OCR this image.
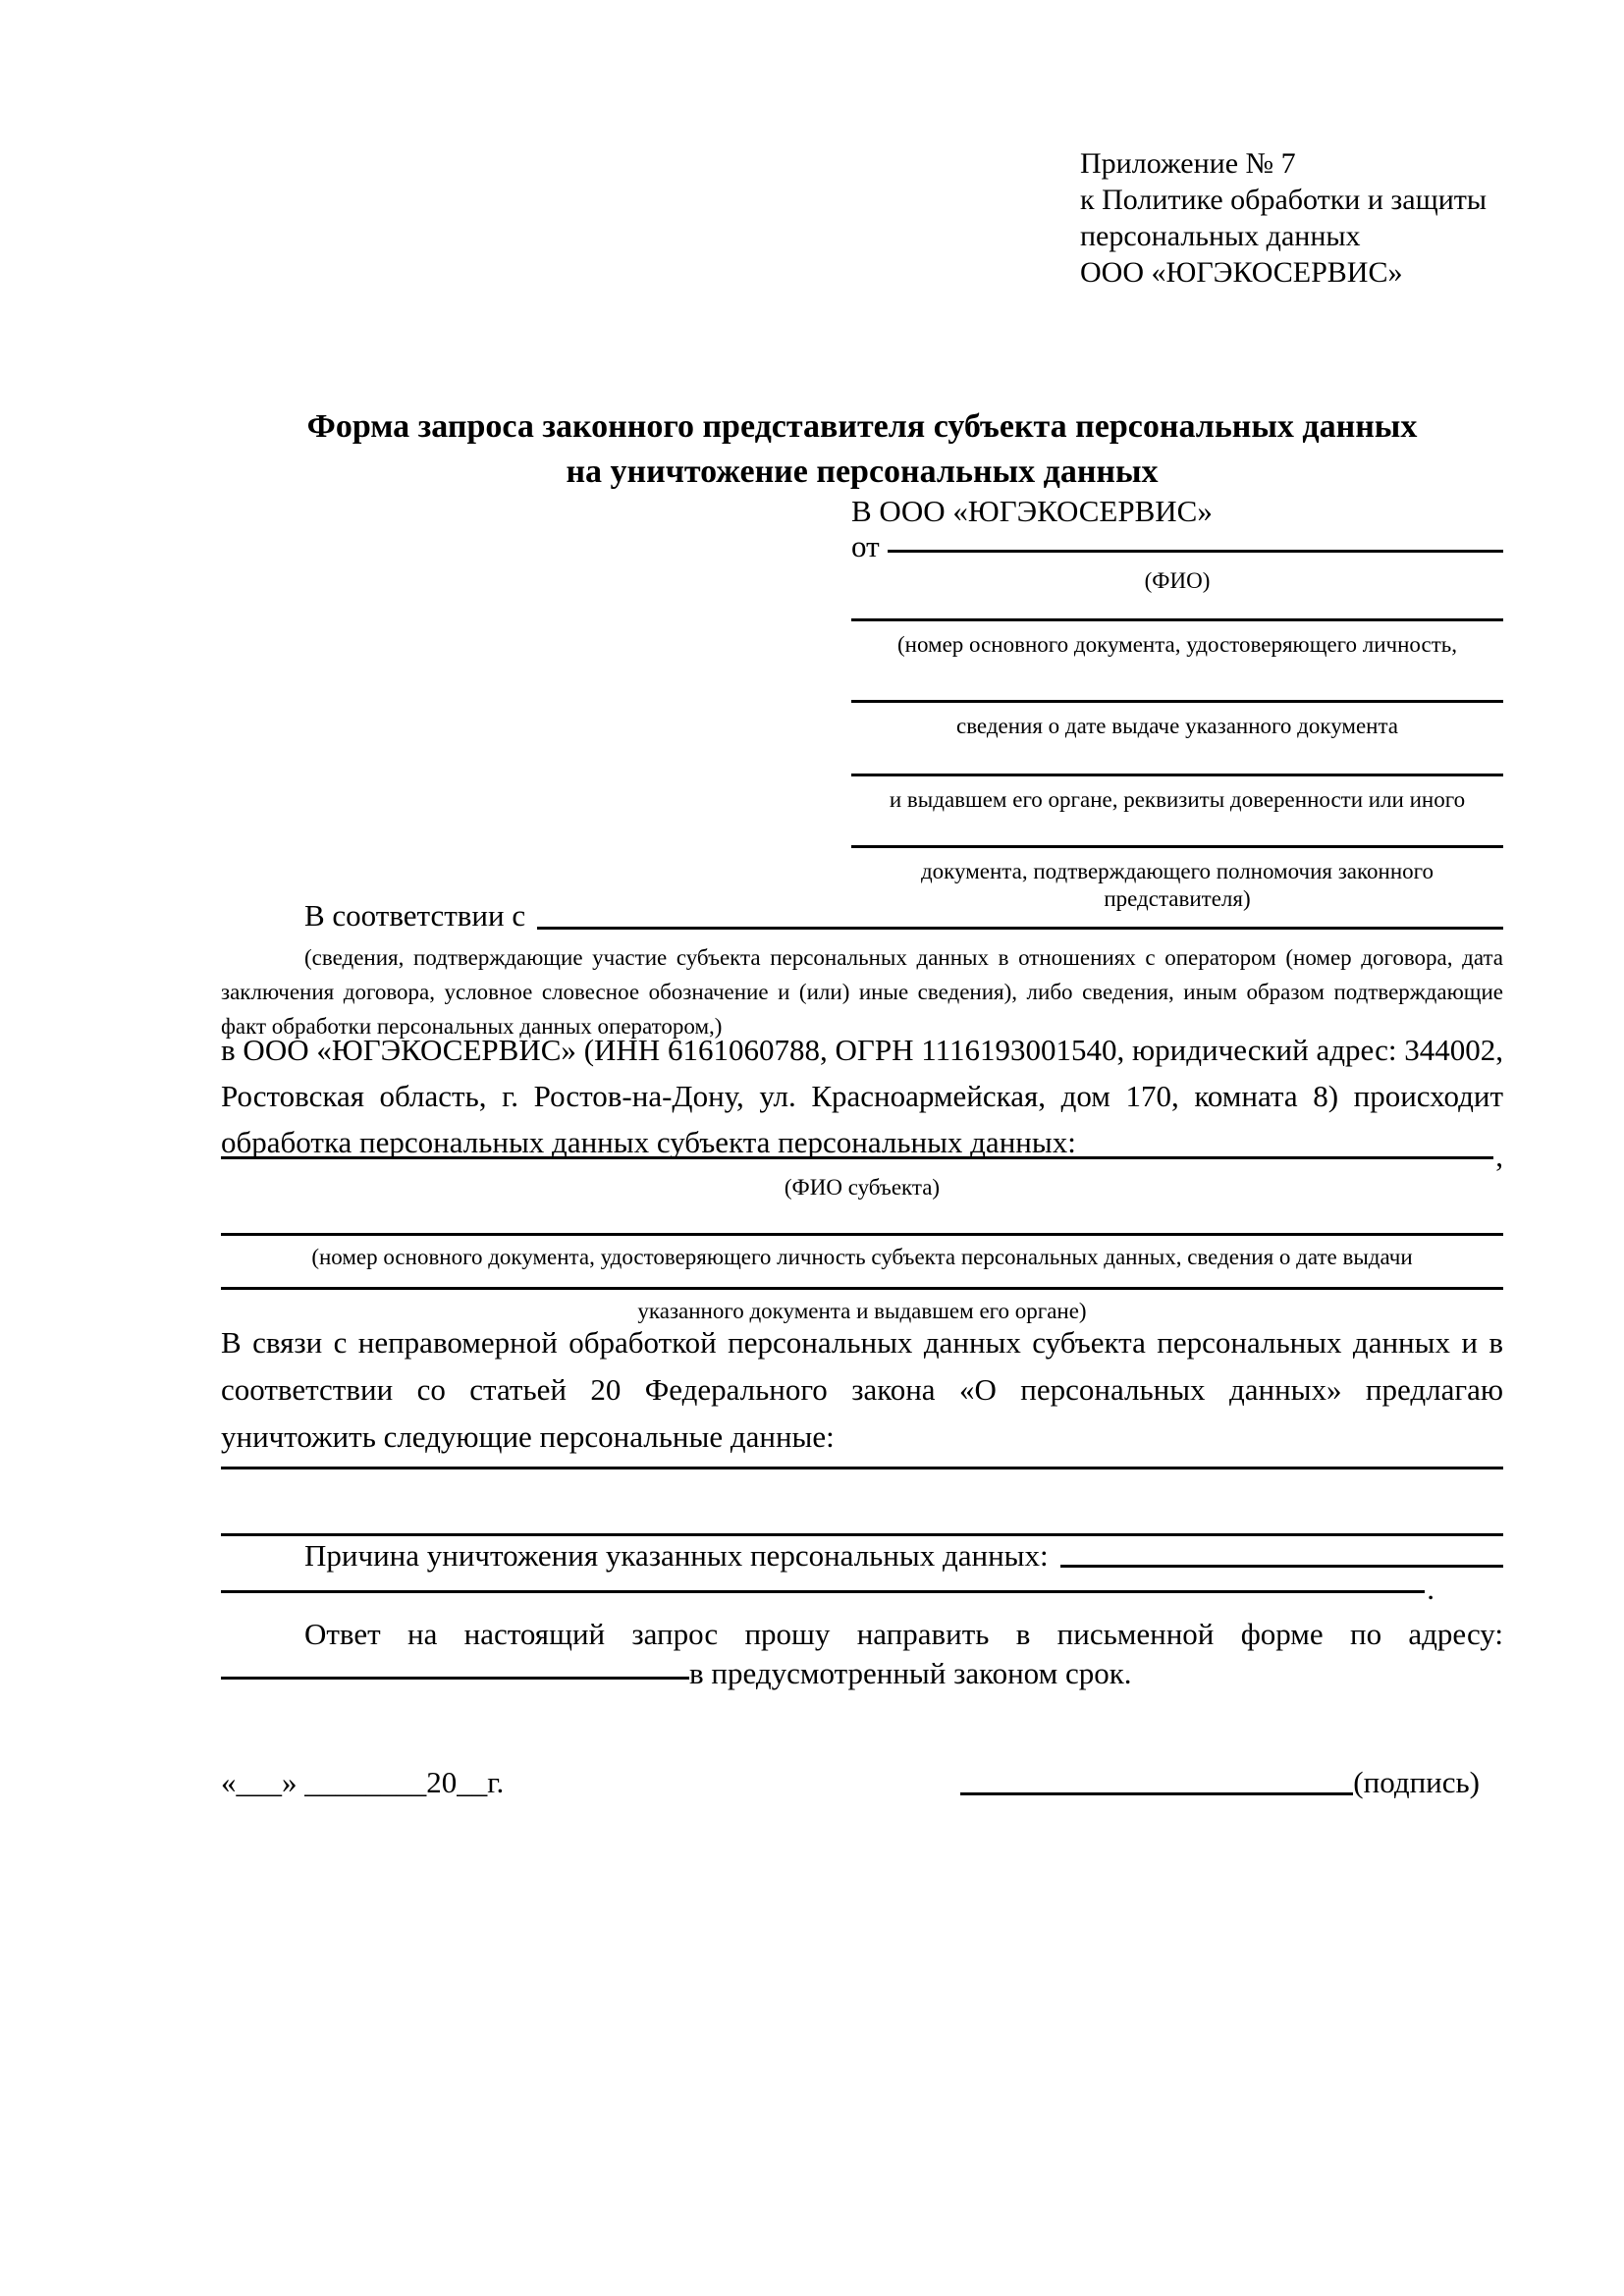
Приложение № 7
к Политике обработки и защиты
персональных данных
ООО «ЮГЭКОСЕРВИС»
Форма запроса законного представителя субъекта персональных данных
на уничтожение персональных данных
В ООО «ЮГЭКОСЕРВИС»
от
(ФИО)
(номер основного документа, удостоверяющего личность,
сведения о дате выдаче указанного документа
и выдавшем его органе, реквизиты доверенности или иного
документа, подтверждающего полномочия законного представителя)
В соответствии с
(сведения, подтверждающие участие субъекта персональных данных в отношениях с оператором (номер договора, дата заключения договора, условное словесное обозначение и (или) иные сведения), либо сведения, иным образом подтверждающие факт обработки персональных данных оператором,)
в ООО «ЮГЭКОСЕРВИС» (ИНН 6161060788, ОГРН 1116193001540, юридический адрес: 344002, Ростовская область, г. Ростов-на-Дону, ул. Красноармейская, дом 170, комната 8) происходит обработка персональных данных субъекта персональных данных:	,
(ФИО субъекта)
(номер основного документа, удостоверяющего личность субъекта персональных данных, сведения о дате выдачи
указанного документа и выдавшем его органе)
В связи с неправомерной обработкой персональных данных субъекта персональных данных и в соответствии со статьей 20 Федерального закона «О персональных данных» предлагаю уничтожить следующие персональные данные:
Причина уничтожения указанных персональных данных:
.
Ответ на настоящий запрос прошу направить в письменной форме по адресу:
в предусмотренный законом срок.
«___» ________20__г.	(подпись)
